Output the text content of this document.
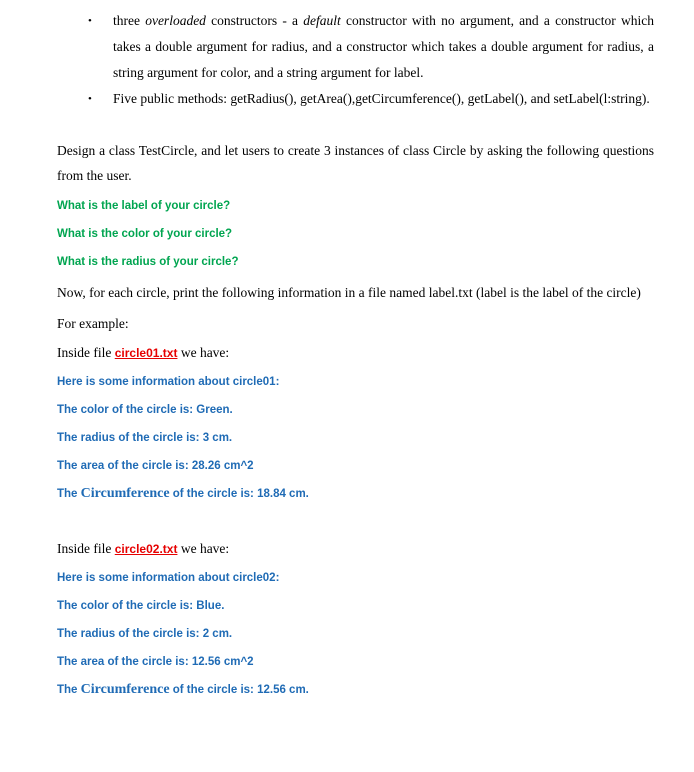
• three overloaded constructors - a default constructor with no argument, and a constructor which takes a double argument for radius, and a constructor which takes a double argument for radius, a string argument for color, and a string argument for label.
• Five public methods: getRadius(), getArea(),getCircumference(), getLabel(), and setLabel(l:string).

Design a class TestCircle, and let users to create 3 instances of class Circle by asking the following questions from the user.

What is the label of your circle?

What is the color of your circle?

What is the radius of your circle?

Now, for each circle, print the following information in a file named label.txt (label is the label of the circle)

For example:

Inside file circle01.txt we have:

Here is some information about circle01:

The color of the circle is: Green.

The radius of the circle is: 3 cm.

The area of the circle is: 28.26 cm^2

The Circumference of the circle is: 18.84 cm.

Inside file circle02.txt we have:

Here is some information about circle02:

The color of the circle is: Blue.

The radius of the circle is: 2 cm.

The area of the circle is: 12.56 cm^2

The Circumference of the circle is: 12.56 cm.
